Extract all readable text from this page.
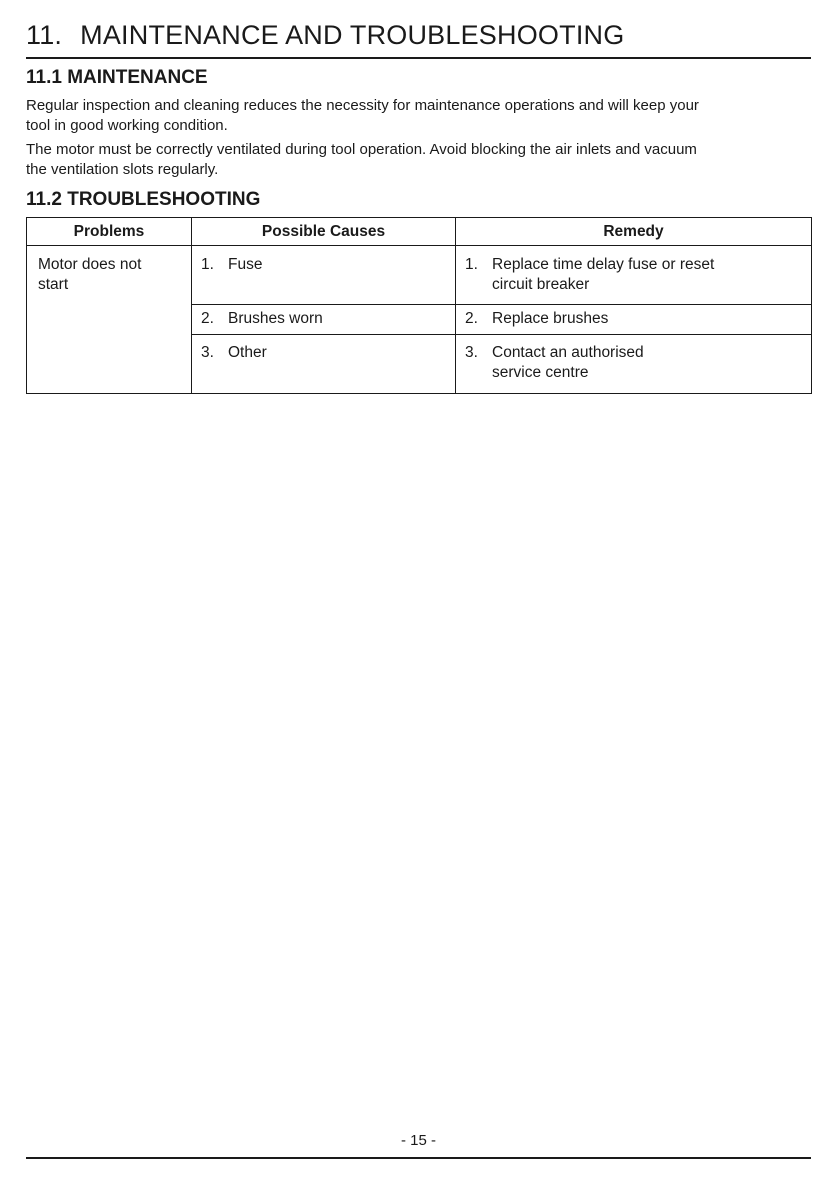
11. MAINTENANCE AND TROUBLESHOOTING
11.1 MAINTENANCE
Regular inspection and cleaning reduces the necessity for maintenance operations and will keep your
tool in good working condition.
The motor must be correctly ventilated during tool operation. Avoid blocking the air inlets and vacuum
the ventilation slots regularly.
11.2 TROUBLESHOOTING
Problems	Possible Causes	Remedy

Motor does not
start	1. Fuse	1. Replace time delay fuse or reset
circuit breaker

	2. Brushes worn	2. Replace brushes

	3. Other	3. Contact an authorised
service centre
- 15 -
